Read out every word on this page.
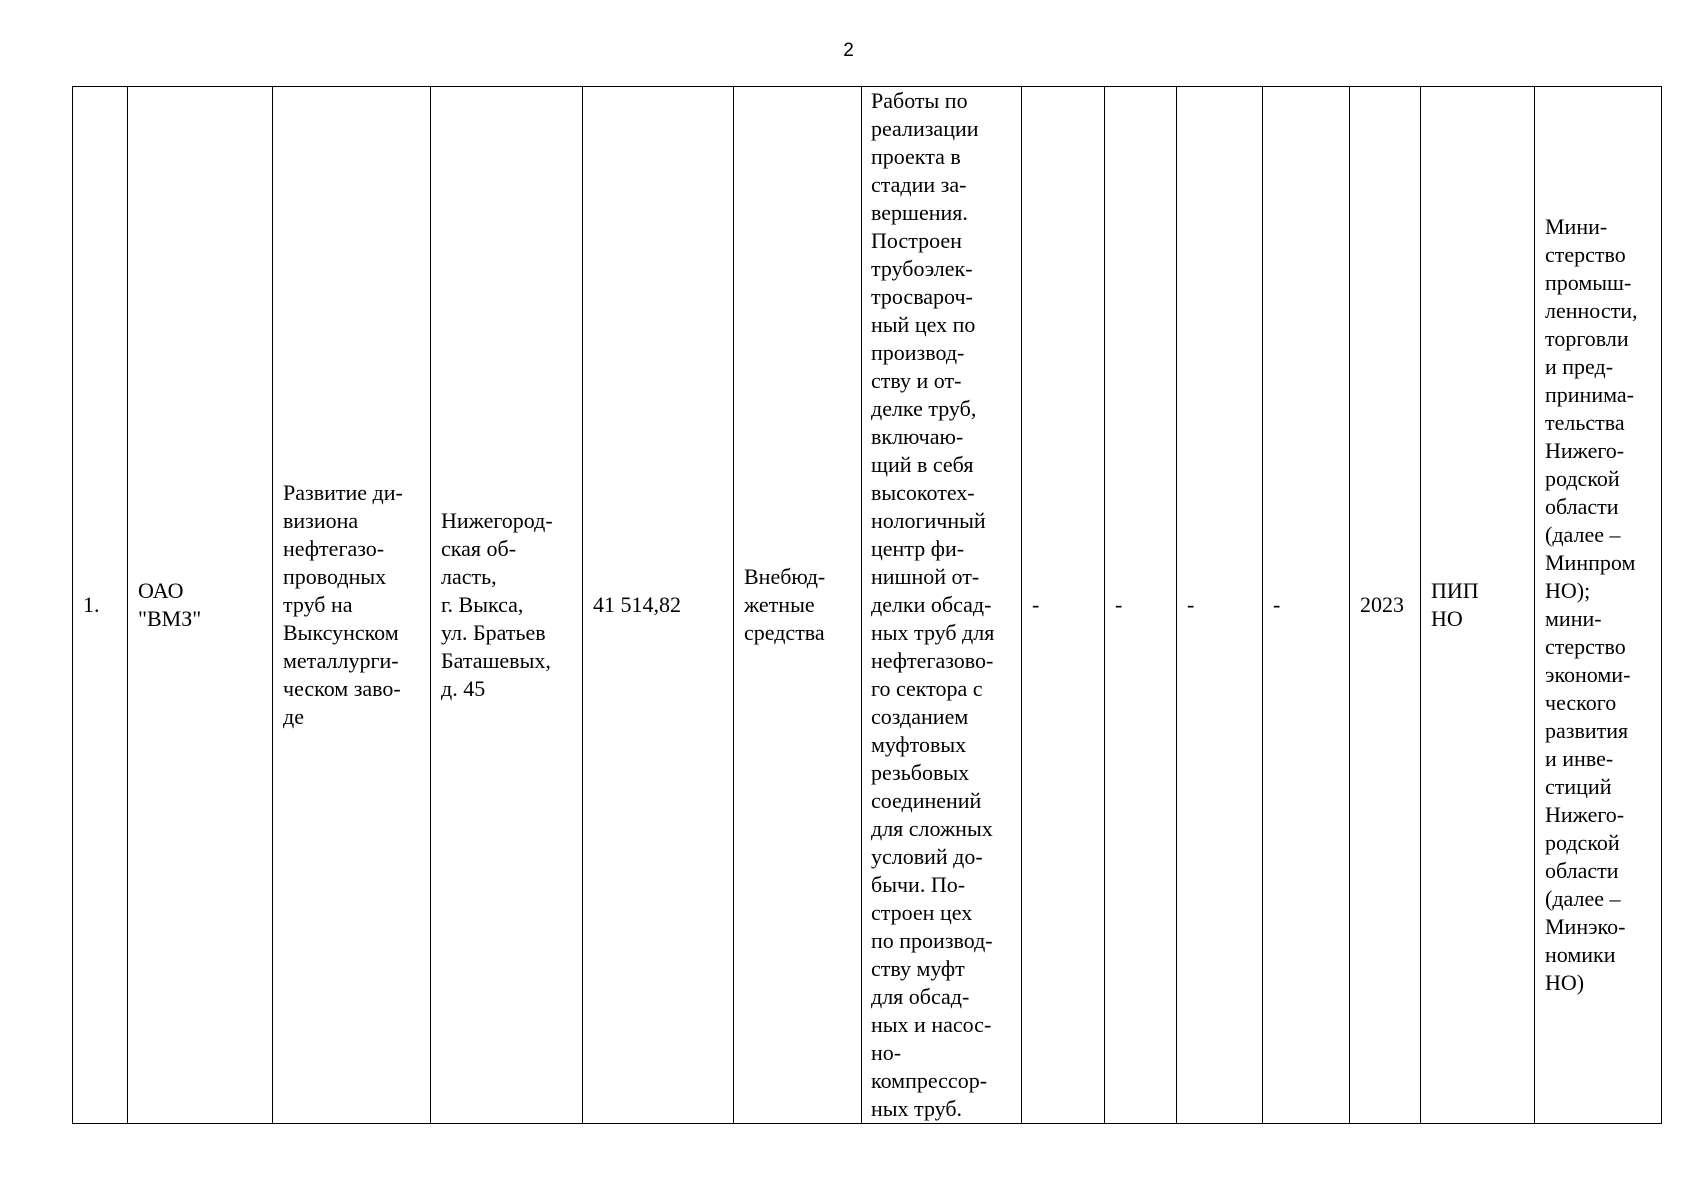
2
1.	ОАО
"ВМЗ"	Развитие ди-
визиона
нефтегазо-
проводных
труб на
Выксунском
металлурги-
ческом заво-
де	Нижегород-
ская об-
ласть,
г. Выкса,
ул. Братьев
Баташевых,
д. 45	41 514,82	Внебюд-
жетные
средства	Работы по
реализации
проекта в
стадии за-
вершения.
Построен
трубоэлек-
тросвароч-
ный цех по
производ-
ству и от-
делке труб,
включаю-
щий в себя
высокотех-
нологичный
центр фи-
нишной от-
делки обсад-
ных труб для
нефтегазово-
го сектора с
созданием
муфтовых
резьбовых
соединений
для сложных
условий до-
бычи. По-
строен цех
по производ-
ству муфт
для обсад-
ных и насос-
но-
компрессор-
ных труб.	-	-	-	-	2023	ПИП
НО	Мини-
стерство
промыш-
ленности,
торговли
и пред-
принима-
тельства
Нижего-
родской
области
(далее –
Минпром
НО);
мини-
стерство
экономи-
ческого
развития
и инве-
стиций
Нижего-
родской
области
(далее –
Минэко-
номики
НО)
